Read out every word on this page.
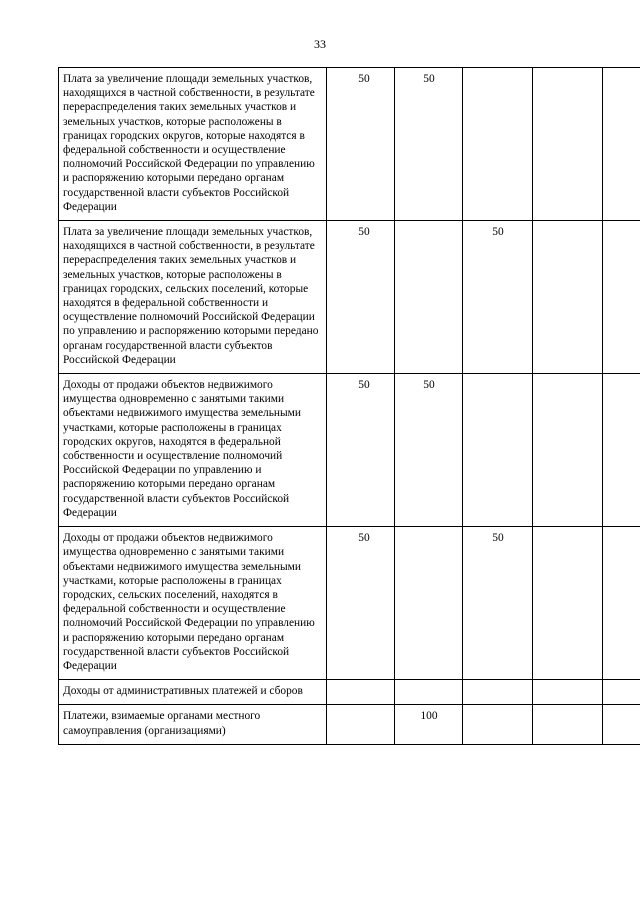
33
Плата за увеличение площади земельных участков, находящихся в частной собственности, в результате перераспределения таких земельных участков и земельных участков, которые расположены в границах городских округов, которые находятся в федеральной собственности и осуществление полномочий Российской Федерации по управлению и распоряжению которыми передано органам государственной власти субъектов Российской Федерации	50	50			
Плата за увеличение площади земельных участков, находящихся в частной собственности, в результате перераспределения таких земельных участков и земельных участков, которые расположены в границах городских, сельских поселений, которые находятся в федеральной собственности и осуществление полномочий Российской Федерации по управлению и распоряжению которыми передано органам государственной власти субъектов Российской Федерации	50		50		
Доходы от продажи объектов недвижимого имущества одновременно с занятыми такими объектами недвижимого имущества земельными участками, которые расположены в границах городских округов, находятся в федеральной собственности и осуществление полномочий Российской Федерации по управлению и распоряжению которыми передано органам государственной власти субъектов Российской Федерации	50	50			
Доходы от продажи объектов недвижимого имущества одновременно с занятыми такими объектами недвижимого имущества земельными участками, которые расположены в границах городских, сельских поселений, находятся в федеральной собственности и осуществление полномочий Российской Федерации по управлению и распоряжению которыми передано органам государственной власти субъектов Российской Федерации	50		50		
Доходы от административных платежей и сборов					
Платежи, взимаемые органами местного самоуправления (организациями)		100			
